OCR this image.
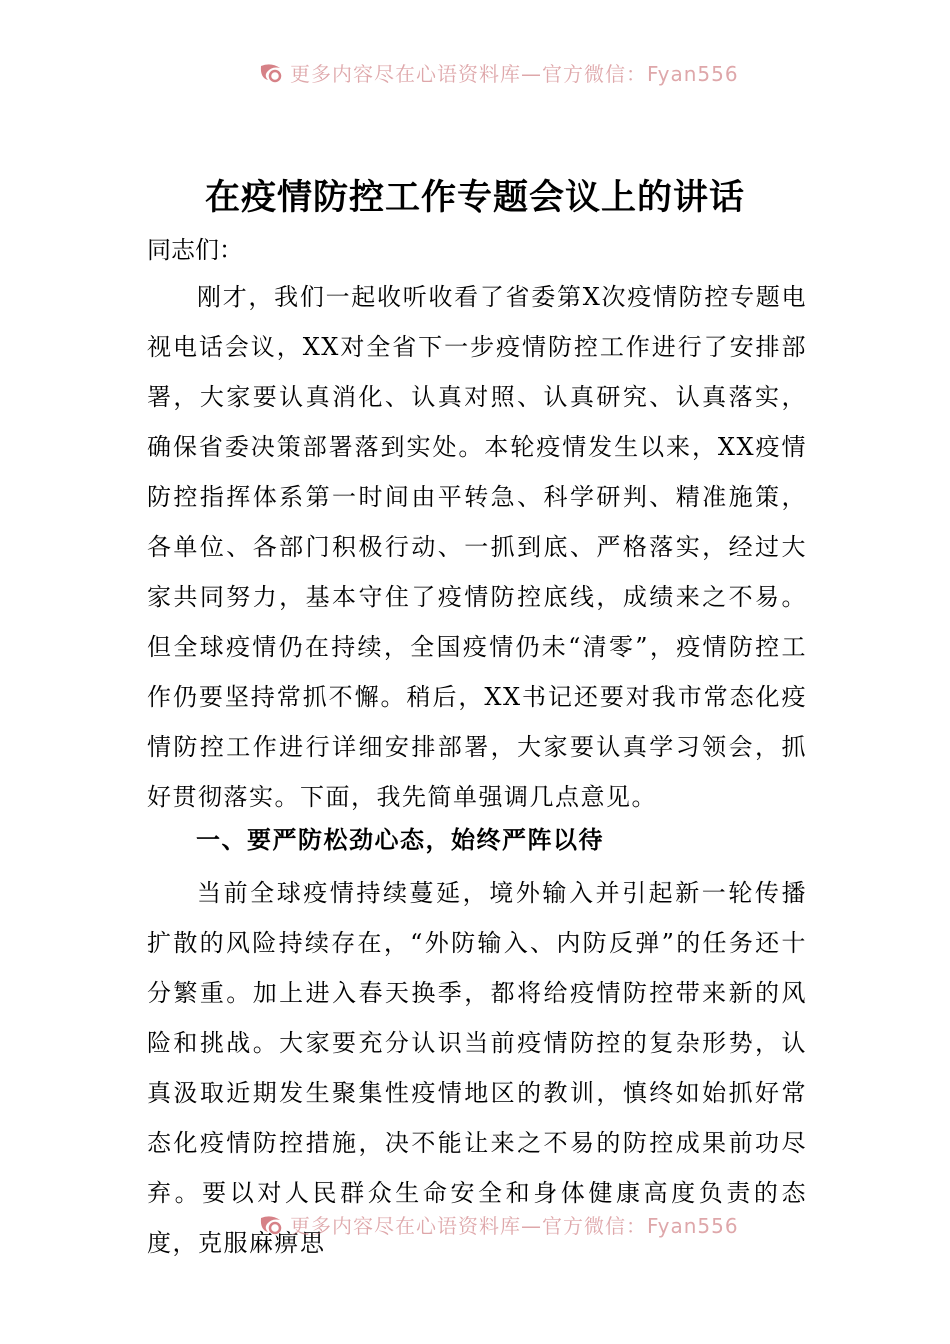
更多内容尽在心语资料库—官方微信：Fyan556
在疫情防控工作专题会议上的讲话
同志们：

刚才，我们一起收听收看了省委第X次疫情防控专题电视电话会议，XX对全省下一步疫情防控工作进行了安排部署，大家要认真消化、认真对照、认真研究、认真落实，确保省委决策部署落到实处。本轮疫情发生以来，XX疫情防控指挥体系第一时间由平转急、科学研判、精准施策，各单位、各部门积极行动、一抓到底、严格落实，经过大家共同努力，基本守住了疫情防控底线，成绩来之不易。但全球疫情仍在持续，全国疫情仍未“清零”，疫情防控工作仍要坚持常抓不懈。稍后，XX书记还要对我市常态化疫情防控工作进行详细安排部署，大家要认真学习领会，抓好贯彻落实。下面，我先简单强调几点意见。

一、要严防松劲心态，始终严阵以待

当前全球疫情持续蔓延，境外输入并引起新一轮传播扩散的风险持续存在，“外防输入、内防反弹”的任务还十分繁重。加上进入春天换季，都将给疫情防控带来新的风险和挑战。大家要充分认识当前疫情防控的复杂形势，认真汲取近期发生聚集性疫情地区的教训，慎终如始抓好常态化疫情防控措施，决不能让来之不易的防控成果前功尽弃。要以对人民群众生命安全和身体健康高度负责的态度，克服麻痹思

更多内容尽在心语资料库—官方微信：Fyan556
